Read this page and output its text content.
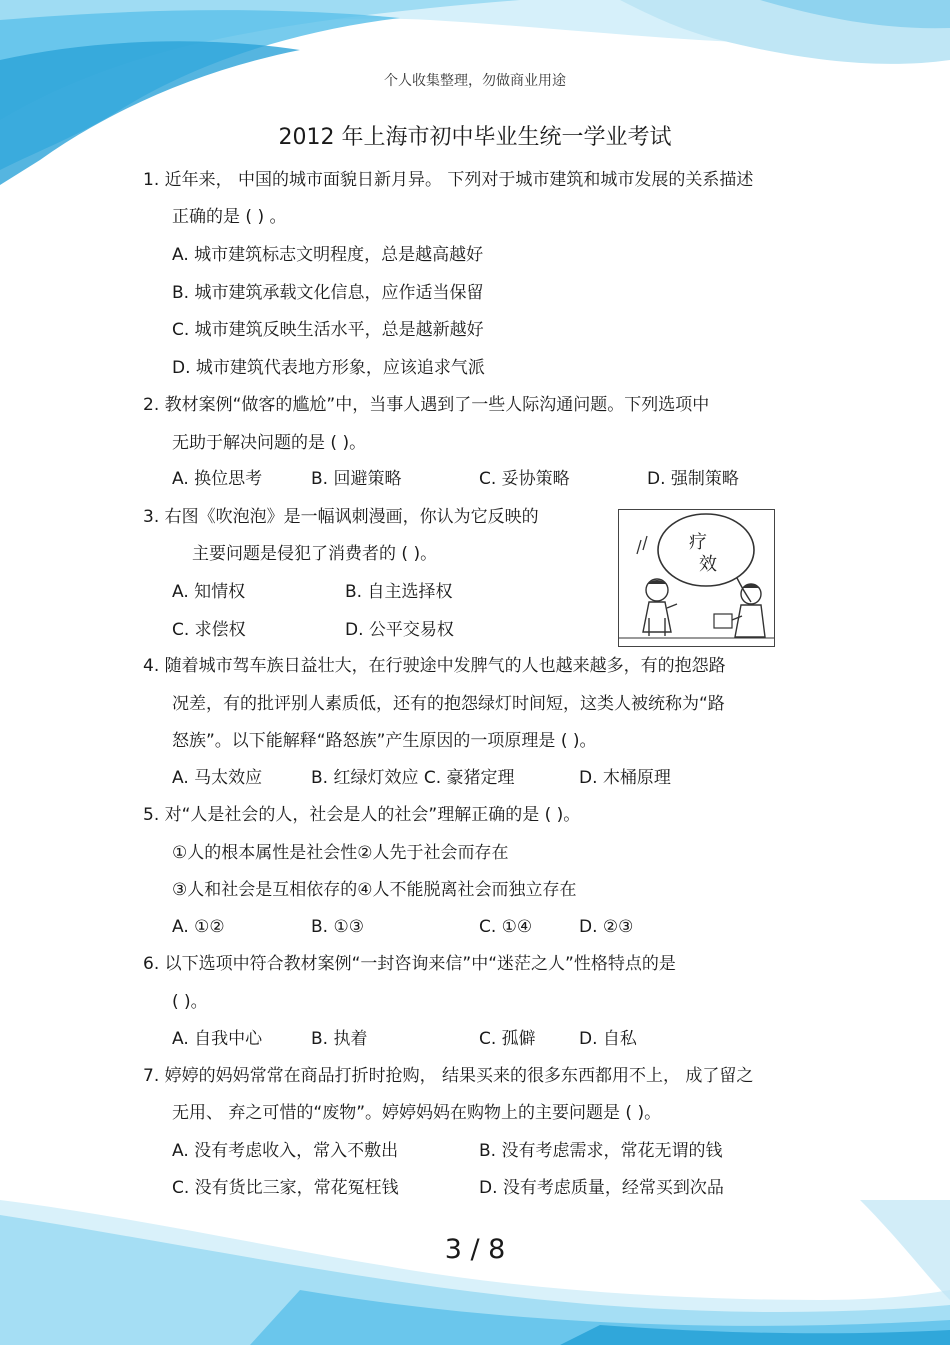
个人收集整理，勿做商业用途
2012 年上海市初中毕业生统一学业考试
1. 近年来， 中国的城市面貌日新月异。 下列对于城市建筑和城市发展的关系描述
正确的是 ( ) 。
A. 城市建筑标志文明程度，总是越高越好
B. 城市建筑承载文化信息，应作适当保留
C. 城市建筑反映生活水平，总是越新越好
D. 城市建筑代表地方形象，应该追求气派
2. 教材案例“做客的尴尬”中，当事人遇到了一些人际沟通问题。下列选项中
无助于解决问题的是 ( )。
A. 换位思考	B. 回避策略	C. 妥协策略	D. 强制策略
3. 右图《吹泡泡》是一幅讽刺漫画，你认为它反映的
主要问题是侵犯了消费者的 ( )。
A. 知情权	B. 自主选择权
C. 求偿权	D. 公平交易权
疗
效
4. 随着城市驾车族日益壮大，在行驶途中发脾气的人也越来越多，有的抱怨路
况差，有的批评别人素质低，还有的抱怨绿灯时间短，这类人被统称为“路
怒族”。以下能解释“路怒族”产生原因的一项原理是 ( )。
A. 马太效应	B. 红绿灯效应 C. 豪猪定理	D. 木桶原理
5. 对“人是社会的人，社会是人的社会”理解正确的是 ( )。
①人的根本属性是社会性②人先于社会而存在
③人和社会是互相依存的④人不能脱离社会而独立存在
A. ①②	B. ①③	C. ①④	D. ②③
6. 以下选项中符合教材案例“一封咨询来信”中“迷茫之人”性格特点的是
( )。
A. 自我中心	B. 执着	C. 孤僻	D. 自私
7. 婷婷的妈妈常常在商品打折时抢购， 结果买来的很多东西都用不上， 成了留之
无用、 弃之可惜的“废物”。婷婷妈妈在购物上的主要问题是 ( )。
A. 没有考虑收入，常入不敷出	B. 没有考虑需求，常花无谓的钱
C. 没有货比三家，常花冤枉钱	D. 没有考虑质量，经常买到次品
3 / 8
